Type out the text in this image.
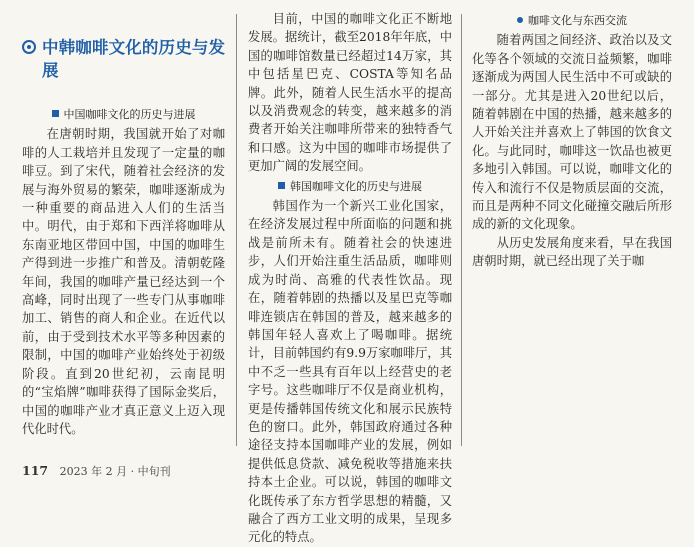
中韩咖啡文化的历史与发展
中国咖啡文化的历史与进展

在唐朝时期，我国就开始了对咖啡的人工栽培并且发现了一定量的咖啡豆。到了宋代，随着社会经济的发展与海外贸易的繁荣，咖啡逐渐成为一种重要的商品进入人们的生活当中。明代，由于郑和下西洋将咖啡从东南亚地区带回中国，中国的咖啡生产得到进一步推广和普及。清朝乾隆年间，我国的咖啡产量已经达到一个高峰，同时出现了一些专门从事咖啡加工、销售的商人和企业。在近代以前，由于受到技术水平等多种因素的限制，中国的咖啡产业始终处于初级阶段。直到20世纪初，云南昆明的“宝焰牌”咖啡获得了国际金奖后，中国的咖啡产业才真正意义上迈入现代化时代。

目前，中国的咖啡文化正不断地发展。据统计，截至2018年年底，中国的咖啡馆数量已经超过14万家，其中包括星巴克、COSTA等知名品牌。此外，随着人民生活水平的提高以及消费观念的转变，越来越多的消费者开始关注咖啡所带来的独特香气和口感。这为中国的咖啡市场提供了更加广阔的发展空间。

韩国咖啡文化的历史与进展

韩国作为一个新兴工业化国家，在经济发展过程中所面临的问题和挑战是前所未有。随着社会的快速进步，人们开始注重生活品质，咖啡则成为时尚、高雅的代表性饮品。现在，随着韩剧的热播以及星巴克等咖啡连锁店在韩国的普及，越来越多的韩国年轻人喜欢上了喝咖啡。据统计，目前韩国约有9.9万家咖啡厅，其中不乏一些具有百年以上经营史的老字号。这些咖啡厅不仅是商业机构，更是传播韩国传统文化和展示民族特色的窗口。此外，韩国政府通过各种途径支持本国咖啡产业的发展，例如提供低息贷款、减免税收等措施来扶持本土企业。可以说，韩国的咖啡文化既传承了东方哲学思想的精髓，又融合了西方工业文明的成果，呈现多元化的特点。

咖啡文化与东西交流

随着两国之间经济、政治以及文化等各个领域的交流日益频繁，咖啡逐渐成为两国人民生活中不可或缺的一部分。尤其是进入20世纪以后，随着韩剧在中国的热播，越来越多的人开始关注并喜欢上了韩国的饮食文化。与此同时，咖啡这一饮品也被更多地引入韩国。可以说，咖啡文化的传入和流行不仅是物质层面的交流，而且是两种不同文化碰撞交融后所形成的新的文化现象。

从历史发展角度来看，早在我国唐朝时期，就已经出现了关于咖

117 2023 年 2 月 · 中旬刊
